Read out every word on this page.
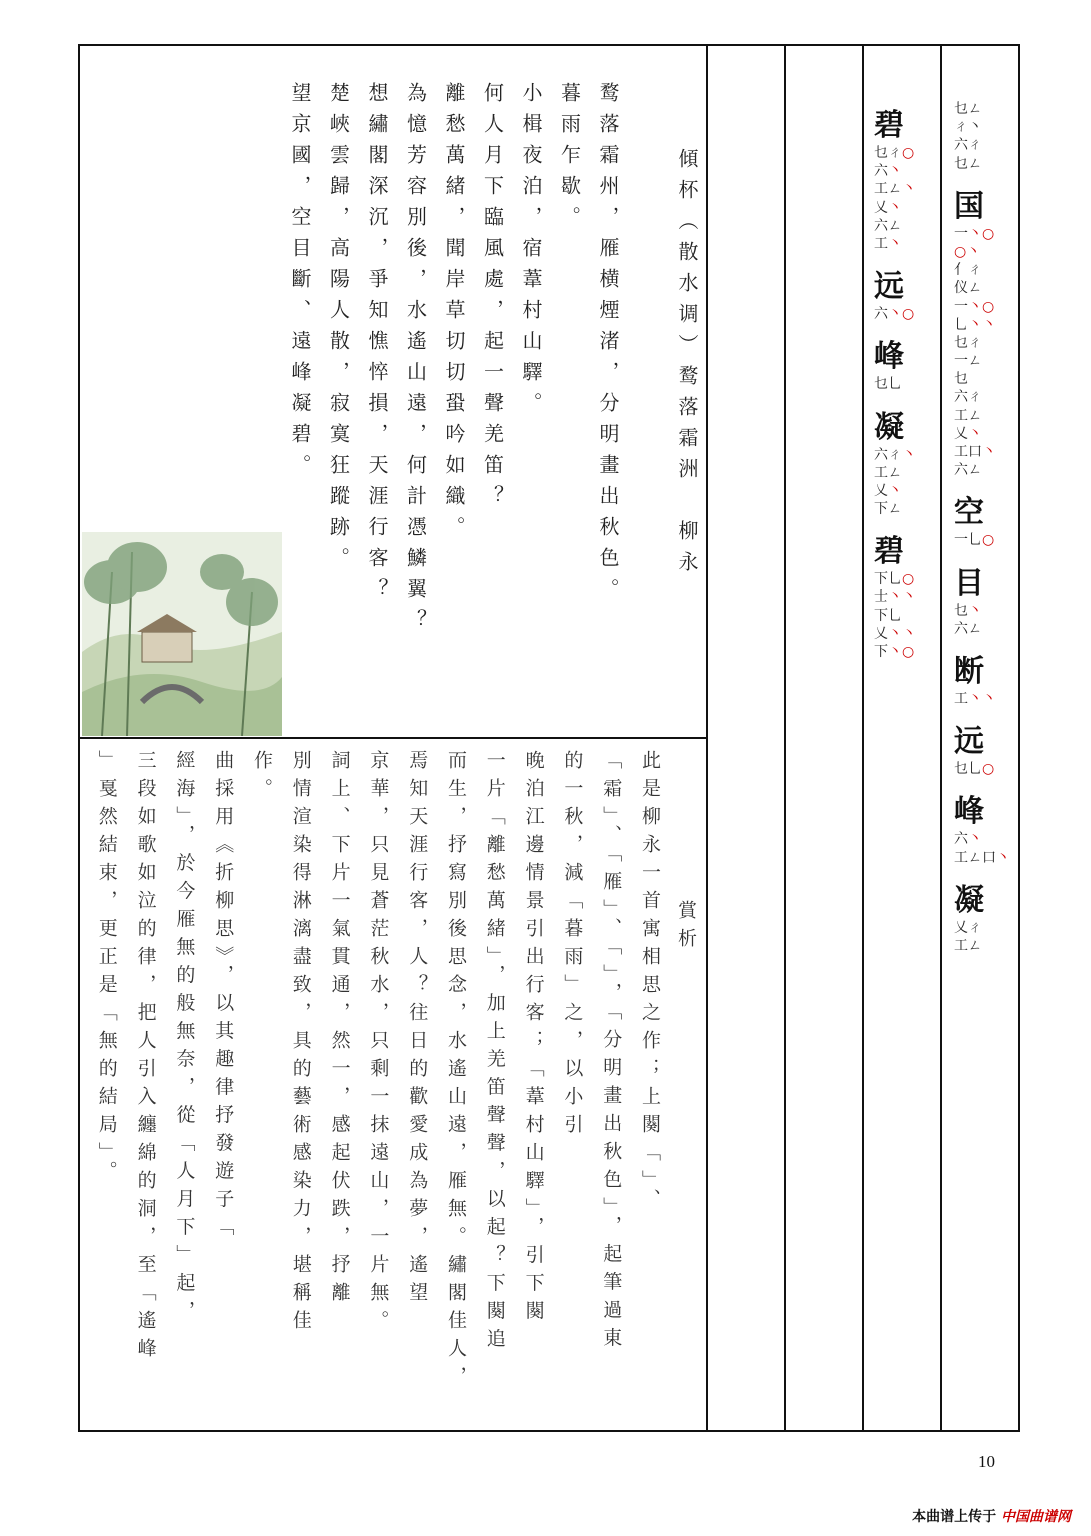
傾杯（散水调）鹜落霜洲　柳永
鹜落霜州，雁横煙渚，分明畫出秋色。
暮雨乍歇。
小楫夜泊，宿葦村山驛。
何人月下臨風處，起一聲羌笛？
離愁萬緒，聞岸草切切蛩吟如織。
為憶芳容別後，水遙山遠，何計憑鱗翼？
想繡閣深沉，爭知憔悴損，天涯行客？
楚峽雲歸，高陽人散，寂寞狂蹤跡。
望京國，空目斷、遠峰凝碧。
賞析
此是柳永一首寓相思之作；上闋「」、
「霜」、「雁」、「」，「分明畫出秋色」，起筆過東
的一秋，減「暮雨」之，以小引
晚泊江邊情景引出行客；「葦村山驛」，引下闋
一片「離愁萬緒」，加上羌笛聲聲，以起？下闋追
而生，抒寫別後思念，水遙山遠，雁無。繡閣佳人，
焉知天涯行客，人？往日的歡愛成為夢，遙望
京華，只見蒼茫秋水，只剩一抹遠山，一片無。
詞上、下片一氣貫通，然一，感起伏跌，抒離
別情渲染得淋漓盡致，具的藝術感染力，堪稱佳
作。
曲採用《折柳思》，以其趣律抒發遊子「
經海」，於今雁無的般無奈，從「人月下」起，
三段如歌如泣的律，把人引入纏綿的洞，至「遙峰
」戛然結束，更正是「無的結局」。
碧
乜ㄔ○
六丶
工ㄥ丶
乂丶
六ㄥ
工丶
远
六丶○
峰
乜乚
凝
六ㄔ丶
工ㄥ
乂丶
下ㄥ
碧
下乚○
士丶丶
下乚
乂丶丶
下丶○
乜ㄥ
ㄔ丶
六ㄔ
乜ㄥ
国
一丶○
○丶
亻ㄔ
仪ㄥ
一丶○
乚丶丶
乜ㄔ
一ㄥ
乜
六ㄔ
工ㄥ
乂丶
工口丶
六ㄥ
空
一乚○
目
乜丶
六ㄥ
断
工丶丶
远
乜乚○
峰
六丶
工ㄥ口丶
凝
乂ㄔ
工ㄥ
10
本曲谱上传于 中国曲谱网
